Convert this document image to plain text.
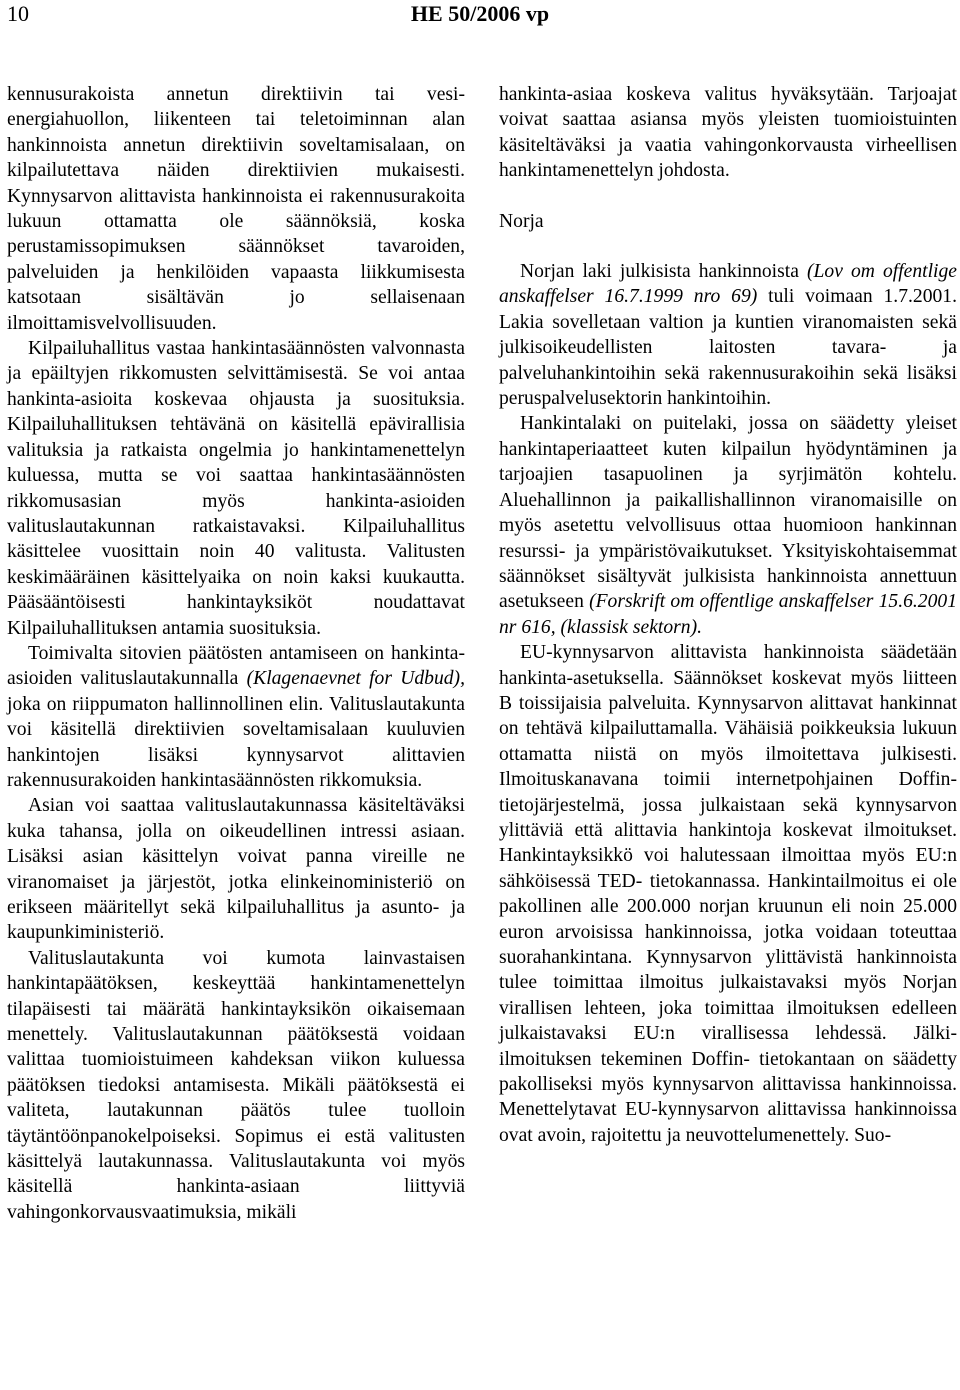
10	HE 50/2006 vp

kennusurakoista annetun direktiivin tai vesi-energiahuollon, liikenteen tai teletoiminnan alan hankinnoista annetun direktiivin soveltamisalaan, on kilpailutettava näiden direktiivien mukaisesti. Kynnysarvon alittavista hankinnoista ei rakennusurakoita lukuun ottamatta ole säännöksiä, koska perustamissopimuksen säännökset tavaroiden, palveluiden ja henkilöiden vapaasta liikkumisesta katsotaan sisältävän jo sellaisenaan ilmoittamisvelvollisuuden.

Kilpailuhallitus vastaa hankintasäännösten valvonnasta ja epäiltyjen rikkomusten selvittämisestä. Se voi antaa hankinta-asioita koskevaa ohjausta ja suosituksia. Kilpailuhallituksen tehtävänä on käsitellä epävirallisia valituksia ja ratkaista ongelmia jo hankintamenettelyn kuluessa, mutta se voi saattaa hankintasäännösten rikkomusasian myös hankinta-asioiden valituslautakunnan ratkaistavaksi. Kilpailuhallitus käsittelee vuosittain noin 40 valitusta. Valitusten keskimääräinen käsittelyaika on noin kaksi kuukautta. Pääsääntöisesti hankintayksiköt noudattavat Kilpailuhallituksen antamia suosituksia.

Toimivalta sitovien päätösten antamiseen on hankinta-asioiden valituslautakunnalla (Klagenaevnet for Udbud), joka on riippumaton hallinnollinen elin. Valituslautakunta voi käsitellä direktiivien soveltamisalaan kuuluvien hankintojen lisäksi kynnysarvot alittavien rakennusurakoiden hankintasäännösten rikkomuksia.

Asian voi saattaa valituslautakunnassa käsiteltäväksi kuka tahansa, jolla on oikeudellinen intressi asiaan. Lisäksi asian käsittelyn voivat panna vireille ne viranomaiset ja järjestöt, jotka elinkeinoministeriö on erikseen määritellyt sekä kilpailuhallitus ja asunto- ja kaupunkiministeriö.

Valituslautakunta voi kumota lainvastaisen hankintapäätöksen, keskeyttää hankintamenettelyn tilapäisesti tai määrätä hankintayksikön oikaisemaan menettely. Valituslautakunnan päätöksestä voidaan valittaa tuomioistuimeen kahdeksan viikon kuluessa päätöksen tiedoksi antamisesta. Mikäli päätöksestä ei valiteta, lautakunnan päätös tulee tuolloin täytäntöönpanokelpoiseksi. Sopimus ei estä valitusten käsittelyä lautakunnassa. Valituslautakunta voi myös käsitellä hankinta-asiaan liittyviä vahingonkorvausvaatimuksia, mikäli

hankinta-asiaa koskeva valitus hyväksytään. Tarjoajat voivat saattaa asiansa myös yleisten tuomioistuinten käsiteltäväksi ja vaatia vahingonkorvausta virheellisen hankintamenettelyn johdosta.

Norja

Norjan laki julkisista hankinnoista (Lov om offentlige anskaffelser 16.7.1999 nro 69) tuli voimaan 1.7.2001. Lakia sovelletaan valtion ja kuntien viranomaisten sekä julkisoikeudellisten laitosten tavara- ja palveluhankintoihin sekä rakennusurakoihin sekä lisäksi peruspalvelusektorin hankintoihin.

Hankintalaki on puitelaki, jossa on säädetty yleiset hankintaperiaatteet kuten kilpailun hyödyntäminen ja tarjoajien tasapuolinen ja syrjimätön kohtelu. Aluehallinnon ja paikallishallinnon viranomaisille on myös asetettu velvollisuus ottaa huomioon hankinnan resurssi- ja ympäristövaikutukset. Yksityiskohtaisemmat säännökset sisältyvät julkisista hankinnoista annettuun asetukseen (Forskrift om offentlige anskaffelser 15.6.2001 nr 616, (klassisk sektorn).

EU-kynnysarvon alittavista hankinnoista säädetään hankinta-asetuksella. Säännökset koskevat myös liitteen B toissijaisia palveluita. Kynnysarvon alittavat hankinnat on tehtävä kilpailuttamalla. Vähäisiä poikkeuksia lukuun ottamatta niistä on myös ilmoitettava julkisesti. Ilmoituskanavana toimii internetpohjainen Doffin- tietojärjestelmä, jossa julkaistaan sekä kynnysarvon ylittäviä että alittavia hankintoja koskevat ilmoitukset. Hankintayksikkö voi halutessaan ilmoittaa myös EU:n sähköisessä TED- tietokannassa. Hankintailmoitus ei ole pakollinen alle 200.000 norjan kruunun eli noin 25.000 euron arvoisissa hankinnoissa, jotka voidaan toteuttaa suorahankintana. Kynnysarvon ylittävistä hankinnoista tulee toimittaa ilmoitus julkaistavaksi myös Norjan virallisen lehteen, joka toimittaa ilmoituksen edelleen julkaistavaksi EU:n virallisessa lehdessä. Jälki-ilmoituksen tekeminen Doffin- tietokantaan on säädetty pakolliseksi myös kynnysarvon alittavissa hankinnoissa. Menettelytavat EU-kynnysarvon alittavissa hankinnoissa ovat avoin, rajoitettu ja neuvottelumenettely. Suo-
